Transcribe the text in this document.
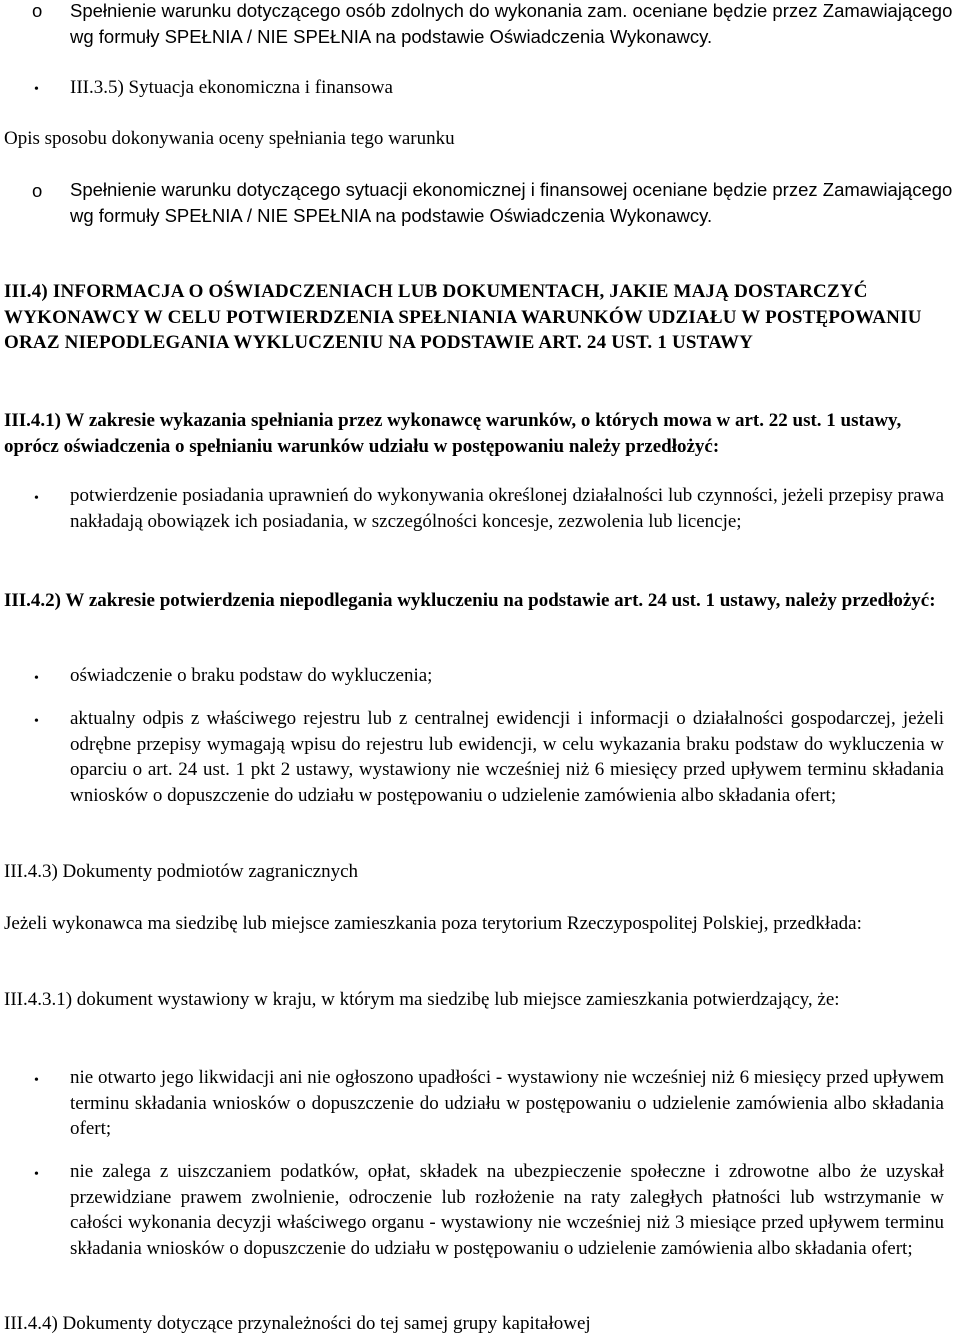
o Spełnienie warunku dotyczącego osób zdolnych do wykonania zam. oceniane będzie przez Zamawiającego wg formuły SPEŁNIA / NIE SPEŁNIA na podstawie Oświadczenia Wykonawcy.

• III.3.5) Sytuacja ekonomiczna i finansowa

Opis sposobu dokonywania oceny spełniania tego warunku

o Spełnienie warunku dotyczącego sytuacji ekonomicznej i finansowej oceniane będzie przez Zamawiającego wg formuły SPEŁNIA / NIE SPEŁNIA na podstawie Oświadczenia Wykonawcy.

III.4) INFORMACJA O OŚWIADCZENIACH LUB DOKUMENTACH, JAKIE MAJĄ DOSTARCZYĆ WYKONAWCY W CELU POTWIERDZENIA SPEŁNIANIA WARUNKÓW UDZIAŁU W POSTĘPOWANIU ORAZ NIEPODLEGANIA WYKLUCZENIU NA PODSTAWIE ART. 24 UST. 1 USTAWY

III.4.1) W zakresie wykazania spełniania przez wykonawcę warunków, o których mowa w art. 22 ust. 1 ustawy, oprócz oświadczenia o spełnianiu warunków udziału w postępowaniu należy przedłożyć:

• potwierdzenie posiadania uprawnień do wykonywania określonej działalności lub czynności, jeżeli przepisy prawa nakładają obowiązek ich posiadania, w szczególności koncesje, zezwolenia lub licencje;

III.4.2) W zakresie potwierdzenia niepodlegania wykluczeniu na podstawie art. 24 ust. 1 ustawy, należy przedłożyć:

• oświadczenie o braku podstaw do wykluczenia;

• aktualny odpis z właściwego rejestru lub z centralnej ewidencji i informacji o działalności gospodarczej, jeżeli odrębne przepisy wymagają wpisu do rejestru lub ewidencji, w celu wykazania braku podstaw do wykluczenia w oparciu o art. 24 ust. 1 pkt 2 ustawy, wystawiony nie wcześniej niż 6 miesięcy przed upływem terminu składania wniosków o dopuszczenie do udziału w postępowaniu o udzielenie zamówienia albo składania ofert;

III.4.3) Dokumenty podmiotów zagranicznych

Jeżeli wykonawca ma siedzibę lub miejsce zamieszkania poza terytorium Rzeczypospolitej Polskiej, przedkłada:

III.4.3.1) dokument wystawiony w kraju, w którym ma siedzibę lub miejsce zamieszkania potwierdzający, że:

• nie otwarto jego likwidacji ani nie ogłoszono upadłości - wystawiony nie wcześniej niż 6 miesięcy przed upływem terminu składania wniosków o dopuszczenie do udziału w postępowaniu o udzielenie zamówienia albo składania ofert;

• nie zalega z uiszczaniem podatków, opłat, składek na ubezpieczenie społeczne i zdrowotne albo że uzyskał przewidziane prawem zwolnienie, odroczenie lub rozłożenie na raty zaległych płatności lub wstrzymanie w całości wykonania decyzji właściwego organu - wystawiony nie wcześniej niż 3 miesiące przed upływem terminu składania wniosków o dopuszczenie do udziału w postępowaniu o udzielenie zamówienia albo składania ofert;

III.4.4) Dokumenty dotyczące przynależności do tej samej grupy kapitałowej
